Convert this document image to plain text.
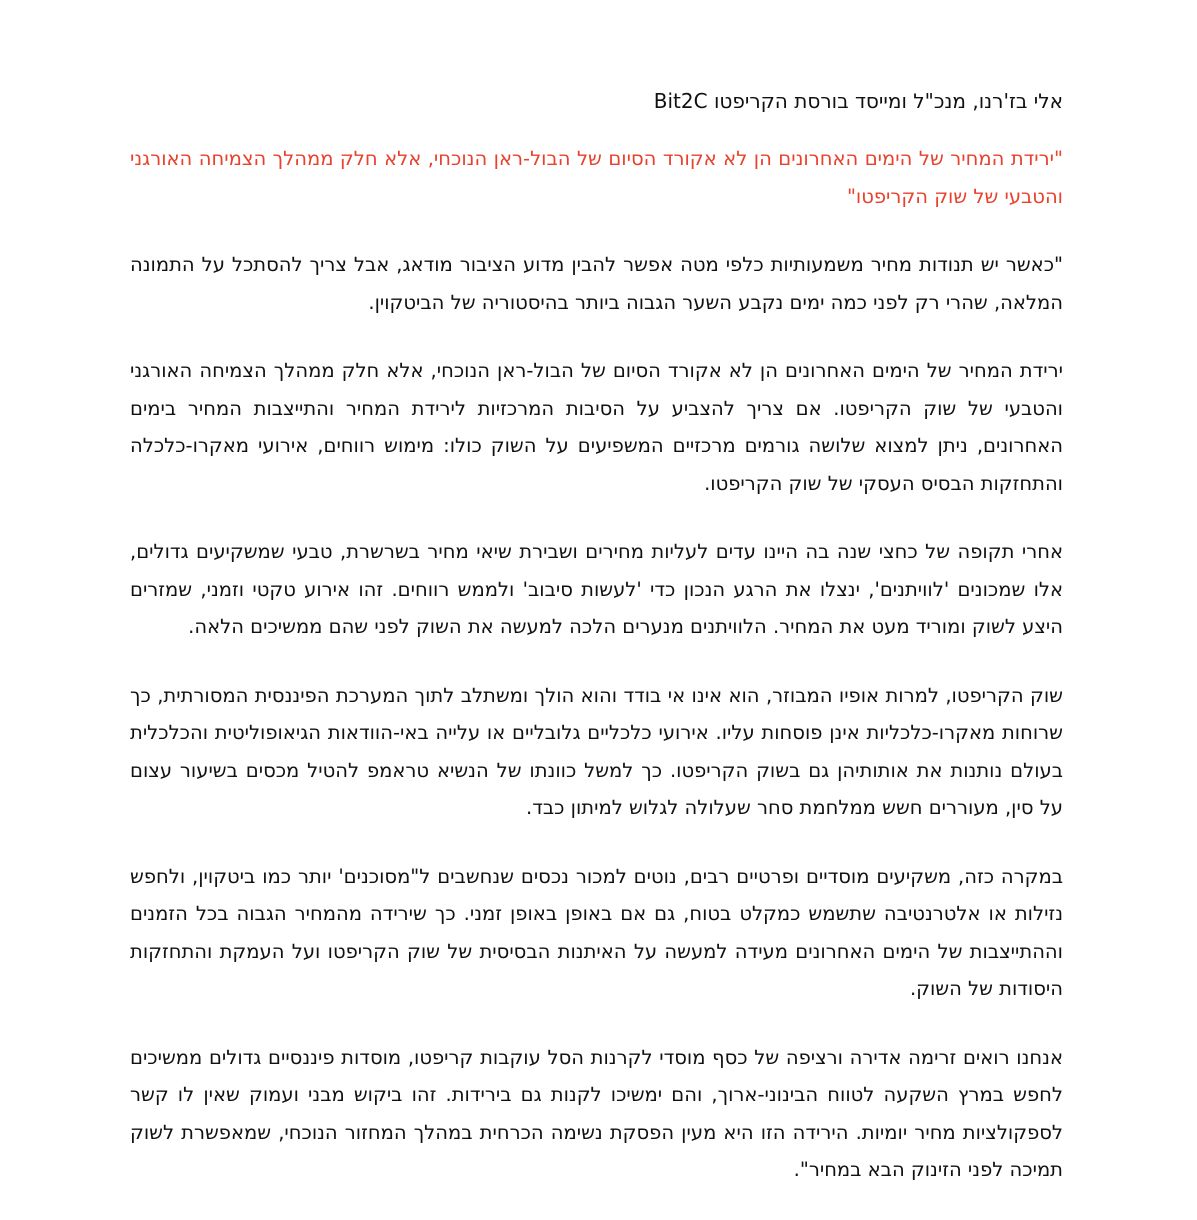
אלי בז'רנו, מנכ"ל ומייסד בורסת הקריפטו Bit2C
"ירידת המחיר של הימים האחרונים הן לא אקורד הסיום של הבול-ראן הנוכחי, אלא חלק ממהלך הצמיחה האורגני והטבעי של שוק הקריפטו"
"כאשר יש תנודות מחיר משמעותיות כלפי מטה אפשר להבין מדוע הציבור מודאג, אבל צריך להסתכל על התמונה המלאה, שהרי רק לפני כמה ימים נקבע השער הגבוה ביותר בהיסטוריה של הביטקוין.
ירידת המחיר של הימים האחרונים הן לא אקורד הסיום של הבול-ראן הנוכחי, אלא חלק ממהלך הצמיחה האורגני והטבעי של שוק הקריפטו. אם צריך להצביע על הסיבות המרכזיות לירידת המחיר והתייצבות המחיר בימים האחרונים, ניתן למצוא שלושה גורמים מרכזיים המשפיעים על השוק כולו: מימוש רווחים, אירועי מאקרו-כלכלה והתחזקות הבסיס העסקי של שוק הקריפטו.
אחרי תקופה של כחצי שנה בה היינו עדים לעליות מחירים ושבירת שיאי מחיר בשרשרת, טבעי שמשקיעים גדולים, אלו שמכונים 'לוויתנים', ינצלו את הרגע הנכון כדי 'לעשות סיבוב' ולממש רווחים. זהו אירוע טקטי וזמני, שמזרים היצע לשוק ומוריד מעט את המחיר. הלוויתנים מנערים הלכה למעשה את השוק לפני שהם ממשיכים הלאה.
שוק הקריפטו, למרות אופיו המבוזר, הוא אינו אי בודד והוא הולך ומשתלב לתוך המערכת הפיננסית המסורתית, כך שרוחות מאקרו-כלכליות אינן פוסחות עליו. אירועי כלכליים גלובליים או עלייה באי-הוודאות הגיאופוליטית והכלכלית בעולם נותנות את אותותיהן גם בשוק הקריפטו. כך למשל כוונתו של הנשיא טראמפ להטיל מכסים בשיעור עצום על סין, מעוררים חשש ממלחמת סחר שעלולה לגלוש למיתון כבד.
במקרה כזה, משקיעים מוסדיים ופרטיים רבים, נוטים למכור נכסים שנחשבים ל"מסוכנים' יותר כמו ביטקוין, ולחפש נזילות או אלטרנטיבה שתשמש כמקלט בטוח, גם אם באופן באופן זמני. כך שירידה מהמחיר הגבוה בכל הזמנים וההתייצבות של הימים האחרונים מעידה למעשה על האיתנות הבסיסית של שוק הקריפטו ועל העמקת והתחזקות היסודות של השוק.
אנחנו רואים זרימה אדירה ורציפה של כסף מוסדי לקרנות הסל עוקבות קריפטו, מוסדות פיננסיים גדולים ממשיכים לחפש במרץ השקעה לטווח הבינוני-ארוך, והם ימשיכו לקנות גם בירידות. זהו ביקוש מבני ועמוק שאין לו קשר לספקולציות מחיר יומיות. הירידה הזו היא מעין הפסקת נשימה הכרחית במהלך המחזור הנוכחי, שמאפשרת לשוק תמיכה לפני הזינוק הבא במחיר".
